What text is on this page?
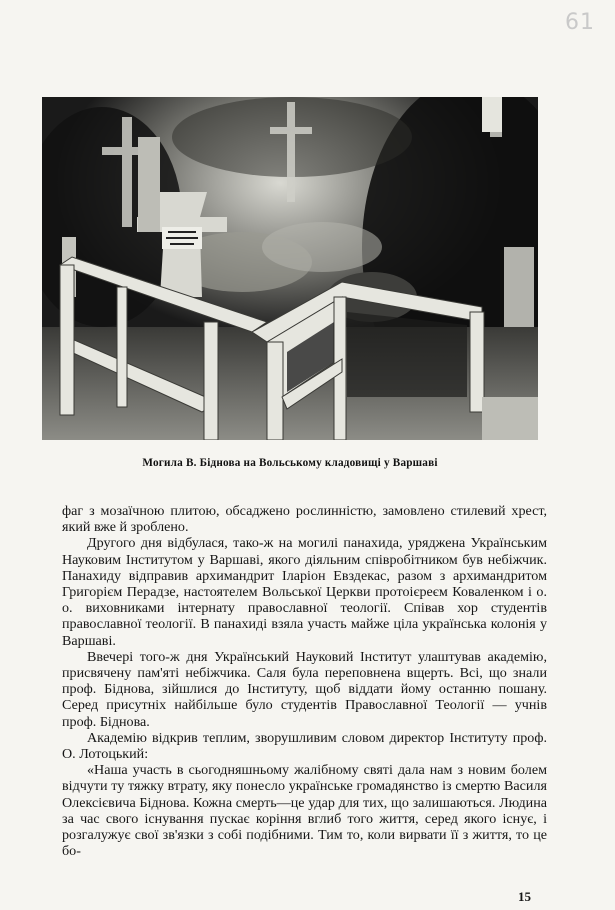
61
Могила В. Біднова на Вольському кладовищі у Варшаві

фаг з мозаїчною плитою, обсаджено рослинністю, замовлено стилевий хрест, який вже й зроблено.

Другого дня відбулася, тако-ж на могилі панахида, уряджена Українським Науковим Інститутом у Варшаві, якого діяльним співробітником був небіжчик. Панахиду відправив архимандрит Іларіон Евздекас, разом з архимандритом Григорієм Перадзе, настоятелем Вольської Церкви протоієреєм Коваленком і о. о. виховниками інтернату православної теології. Співав хор студентів православної теології. В панахиді взяла участь майже ціла українська колонія у Варшаві.

Ввечері того-ж дня Український Науковий Інститут улаштував академію, присвячену пам'яті небіжчика. Саля була переповнена вщерть. Всі, що знали проф. Біднова, зійшлися до Інституту, щоб віддати йому останню пошану. Серед присутніх найбільше було студентів Православної Теології — учнів проф. Біднова.

Академію відкрив теплим, зворушливим словом директор Інституту проф. О. Лотоцький:

«Наша участь в сьогодняшньому жалібному святі дала нам з новим болем відчути ту тяжку втрату, яку понесло українське громадянство із смертю Василя Олексієвича Біднова. Кожна смерть—це удар для тих, що залишаються. Людина за час свого існування пускає коріння вглиб того життя, серед якого існує, і розгалужує свої зв'язки з собі подібними. Тим то, коли вирвати її з життя, то це бо-

15
